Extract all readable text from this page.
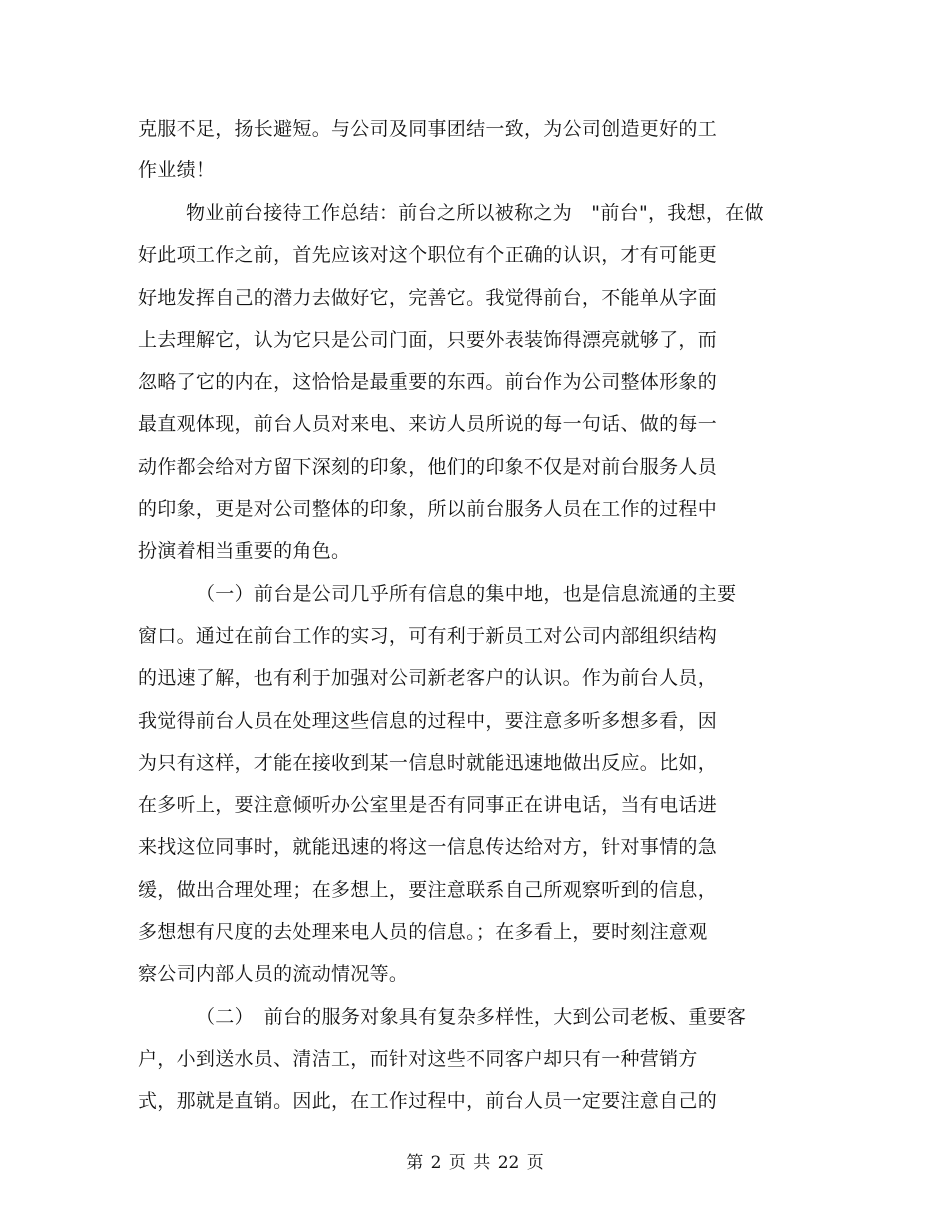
克服不足，扬长避短。与公司及同事团结一致，为公司创造更好的工
作业绩！
物业前台接待工作总结：前台之所以被称之为　"前台"，我想，在做
好此项工作之前，首先应该对这个职位有个正确的认识，才有可能更
好地发挥自己的潜力去做好它，完善它。我觉得前台，不能单从字面
上去理解它，认为它只是公司门面，只要外表装饰得漂亮就够了，而
忽略了它的内在，这恰恰是最重要的东西。前台作为公司整体形象的
最直观体现，前台人员对来电、来访人员所说的每一句话、做的每一
动作都会给对方留下深刻的印象，他们的印象不仅是对前台服务人员
的印象，更是对公司整体的印象，所以前台服务人员在工作的过程中
扮演着相当重要的角色。
（一）前台是公司几乎所有信息的集中地，也是信息流通的主要
窗口。通过在前台工作的实习，可有利于新员工对公司内部组织结构
的迅速了解，也有利于加强对公司新老客户的认识。作为前台人员，
我觉得前台人员在处理这些信息的过程中，要注意多听多想多看，因
为只有这样，才能在接收到某一信息时就能迅速地做出反应。比如，
在多听上，要注意倾听办公室里是否有同事正在讲电话，当有电话进
来找这位同事时，就能迅速的将这一信息传达给对方，针对事情的急
缓，做出合理处理；在多想上，要注意联系自己所观察听到的信息，
多想想有尺度的去处理来电人员的信息。；在多看上，要时刻注意观
察公司内部人员的流动情况等。
（二）　前台的服务对象具有复杂多样性，大到公司老板、重要客
户，小到送水员、清洁工，而针对这些不同客户却只有一种营销方
式，那就是直销。因此，在工作过程中，前台人员一定要注意自己的
第 2 页 共 22 页
